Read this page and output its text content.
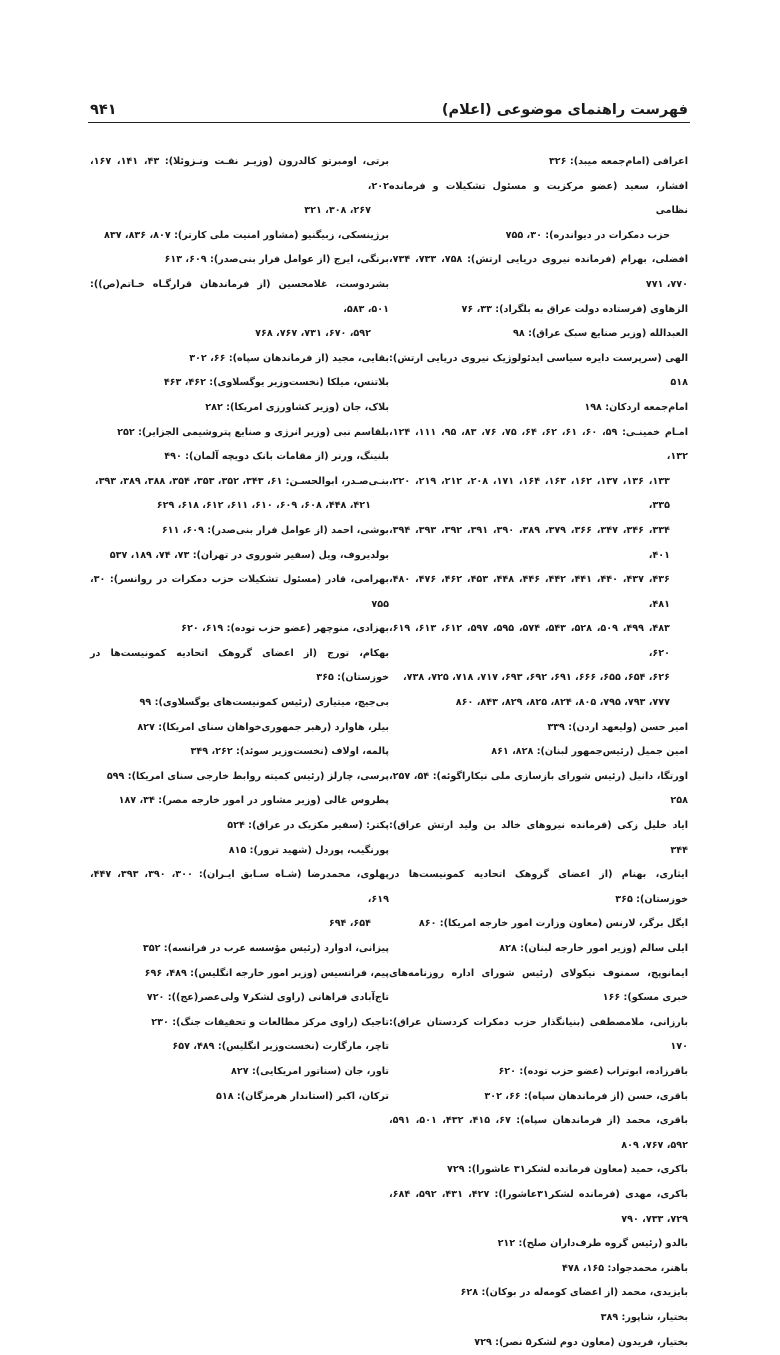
فهرست راهنمای موضوعی (اعلام)
۹۴۱
اعرافی (امام‌جمعه میبد): ۳۲۶
افشار، سعید (عضو مرکزیت و مسئول تشکیلات و فرمانده نظامی
حزب دمکرات در دیواندره): ۳۰، ۷۵۵
افضلی، بهرام (فرمانده نیروی دریایی ارتش): ۷۵۸، ۷۳۳، ۷۳۴، ۷۷۰، ۷۷۱
الزهاوی (فرستاده دولت عراق به بلگراد): ۳۳، ۷۶
العبدالله (وزیر صنایع سبک عراق): ۹۸
الهی (سرپرست دایره سیاسی ایدئولوژیک نیروی دریایی ارتش): ۵۱۸
امام‌جمعه اردکان: ۱۹۸
امـام خمینـی: ۵۹، ۶۰، ۶۱، ۶۲، ۶۴، ۷۵، ۷۶، ۸۳، ۹۵، ۱۱۱، ۱۲۴، ۱۳۲،
۱۳۳، ۱۳۶، ۱۳۷، ۱۶۲، ۱۶۳، ۱۶۴، ۱۷۱، ۲۰۸، ۲۱۲، ۲۱۹، ۲۲۰، ۳۳۵،
۳۳۴، ۳۴۶، ۳۴۷، ۳۶۶، ۳۷۹، ۳۸۹، ۳۹۰، ۳۹۱، ۳۹۲، ۳۹۳، ۳۹۴، ۴۰۱،
۴۳۶، ۴۳۷، ۴۴۰، ۴۴۱، ۴۴۲، ۴۴۶، ۴۴۸، ۴۵۳، ۴۶۲، ۴۷۶، ۴۸۰، ۴۸۱،
۴۸۳، ۴۹۹، ۵۰۹، ۵۲۸، ۵۴۳، ۵۷۴، ۵۹۵، ۵۹۷، ۶۱۲، ۶۱۳، ۶۱۹، ۶۲۰،
۶۲۶، ۶۵۴، ۶۵۵، ۶۶۶، ۶۹۱، ۶۹۲، ۶۹۳، ۷۱۷، ۷۱۸، ۷۲۵، ۷۳۸،
۷۷۷، ۷۹۳، ۷۹۵، ۸۰۵، ۸۲۴، ۸۲۵، ۸۲۹، ۸۴۳، ۸۶۰
امیر حسن (ولیعهد اردن): ۳۳۹
امین جمیل (رئیس‌جمهور لبنان): ۸۲۸، ۸۶۱
اورتگا، دانیل (رئیس شورای بازسازی ملی نیکاراگوئه): ۵۴، ۲۵۷، ۲۵۸
ایاد خلیل زکی (فرمانده نیروهای خالد بن ولید ارتش عراق): ۳۴۴
ایثاری، بهنام (از اعضای گروهک اتحادیه کمونیست‌ها در خوزستان): ۳۶۵
ایگل برگر، لارنس (معاون وزارت امور خارجه امریکا): ۸۶۰
ایلی سالم (وزیر امور خارجه لبنان): ۸۲۸
ایمانوپج، سمنوف نیکولای (رئیس شورای اداره روزنامه‌های خبری مسکو): ۱۶۶
بارزانی، ملامصطفی (بنیانگذار حزب دمکرات کردستان عراق): ۱۷۰
باقرزاده، ابوتراب (عضو حزب توده): ۶۲۰
باقری، حسن (از فرماندهان سپاه): ۶۶، ۳۰۲
باقری، محمد (از فرماندهان سپاه): ۶۷، ۴۱۵، ۴۳۲، ۵۰۱، ۵۹۱، ۵۹۲، ۷۶۷، ۸۰۹
باکری، حمید (معاون فرمانده لشکر۳۱ عاشورا): ۷۲۹
باکری، مهدی (فرمانده لشکر۳۱عاشورا): ۴۲۷، ۴۳۱، ۵۹۲، ۶۸۴، ۷۲۹، ۷۳۳، ۷۹۰
بالدو (رئیس گروه طرف‌داران صلح): ۲۱۲
باهنر، محمدجواد: ۱۶۵، ۴۷۸
بایزیدی، محمد (از اعضای کومه‌له در بوکان): ۶۲۸
بختیار، شاپور: ۳۸۹
بختیار، فریدون (معاون دوم لشکر۵ نصر): ۷۲۹
برتی، اومبرتو کالدرون (وزیـر نفـت ونـزوئلا): ۴۳، ۱۴۱، ۱۶۷، ۲۰۲،
۲۶۷، ۳۰۸، ۳۲۱
برژینسکی، زبیگنیو (مشاور امنیت ملی کارتر): ۸۰۷، ۸۳۶، ۸۳۷
برنگی، ایرج (از عوامل فرار بنی‌صدر): ۶۰۹، ۶۱۳
بشردوست، غلامحسین (از فرماندهان قرارگـاه خـاتم(ص)): ۵۰۱، ۵۸۳،
۵۹۲، ۶۷۰، ۷۳۱، ۷۶۷، ۷۶۸
بقایی، مجید (از فرماندهان سپاه): ۶۶، ۳۰۲
بلاتنس، میلکا (نخست‌وزیر یوگسلاوی): ۴۶۲، ۴۶۳
بلاک، جان (وزیر کشاورزی امریکا): ۲۸۲
بلقاسم نبی (وزیر انرژی و صنایع پتروشیمی الجزایر): ۲۵۲
بلنینگ، ورنر (از مقامات بانک دویچه آلمان): ۴۹۰
بنـی‌صـدر، ابوالحسـن: ۶۱، ۳۴۳، ۳۵۲، ۳۵۳، ۳۵۴، ۳۸۸، ۳۸۹، ۳۹۳،
۴۲۱، ۴۴۸، ۶۰۸، ۶۰۹، ۶۱۰، ۶۱۱، ۶۱۲، ۶۱۸، ۶۲۹
بوشی، احمد (از عوامل فرار بنی‌صدر): ۶۰۹، ۶۱۱
بولدیروف، ویل (سفیر شوروی در تهران): ۷۳، ۷۴، ۱۸۹، ۵۳۷
بهرامی، قادر (مسئول تشکیلات حزب دمکرات در روانسر): ۳۰، ۷۵۵
بهزادی، منوچهر (عضو حزب توده): ۶۱۹، ۶۲۰
بهکام، تورج (از اعضای گروهک اتحادیه کمونیست‌ها در خوزستان): ۳۶۵
بی‌جیچ، میتیاری (رئیس کمونیست‌های یوگسلاوی): ۹۹
بیلر، هاوارد (رهبر جمهوری‌خواهان سنای امریکا): ۸۲۷
پالمه، اولاف (نخست‌وزیر سوئد): ۲۶۲، ۳۴۹
پرسی، چارلز (رئیس کمیته روابط خارجی سنای امریکا): ۵۹۹
پطروس غالی (وزیر مشاور در امور خارجه مصر): ۳۴، ۱۸۷
پکتر: (سفیر مکزیک در عراق): ۵۲۴
پورنگیب، پوردل (شهید ترور): ۸۱۵
پهلوی، محمدرضا (شـاه سـابق ایـران): ۳۰۰، ۳۹۰، ۳۹۳، ۴۴۷، ۶۱۹،
۶۵۴، ۶۹۴
پیزانی، ادوارد (رئیس مؤسسه عرب در فرانسه): ۳۵۲
پیم، فرانسیس (وزیر امور خارجه انگلیس): ۴۸۹، ۶۹۶
تاج‌آبادی فراهانی (راوی لشکر۷ ولی‌عصر(عج)): ۷۲۰
تاجیک (راوی مرکز مطالعات و تحقیقات جنگ): ۲۳۰
تاچر، مارگارت (نخست‌وزیر انگلیس): ۴۸۹، ۶۵۷
تاور، جان (سناتور امریکایی): ۸۲۷
ترکان، اکبر (استاندار هرمزگان): ۵۱۸
